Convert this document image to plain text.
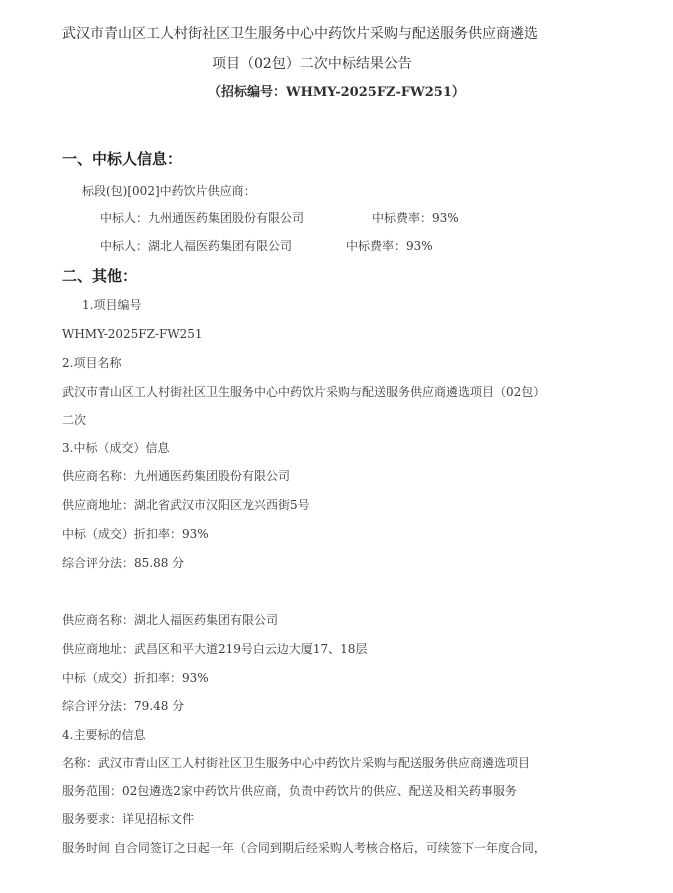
武汉市青山区工人村街社区卫生服务中心中药饮片采购与配送服务供应商遴选
项目（02包）二次中标结果公告
（招标编号：WHMY-2025FZ-FW251）
一、中标人信息：
标段(包)[002]中药饮片供应商：
中标人：九州通医药集团股份有限公司	中标费率：93%
中标人：湖北人福医药集团有限公司	中标费率：93%
二、其他：
1.项目编号
WHMY-2025FZ-FW251
2.项目名称
武汉市青山区工人村街社区卫生服务中心中药饮片采购与配送服务供应商遴选项目（02包）
二次
3.中标（成交）信息
供应商名称：九州通医药集团股份有限公司
供应商地址：湖北省武汉市汉阳区龙兴西街5号
中标（成交）折扣率：93%
综合评分法：85.88 分
供应商名称：湖北人福医药集团有限公司
供应商地址：武昌区和平大道219号白云边大厦17、18层
中标（成交）折扣率：93%
综合评分法：79.48 分
4.主要标的信息
名称：武汉市青山区工人村街社区卫生服务中心中药饮片采购与配送服务供应商遴选项目
服务范围：02包遴选2家中药饮片供应商，负责中药饮片的供应、配送及相关药事服务
服务要求：详见招标文件
服务时间 自合同签订之日起一年（合同到期后经采购人考核合格后，可续签下一年度合同，
